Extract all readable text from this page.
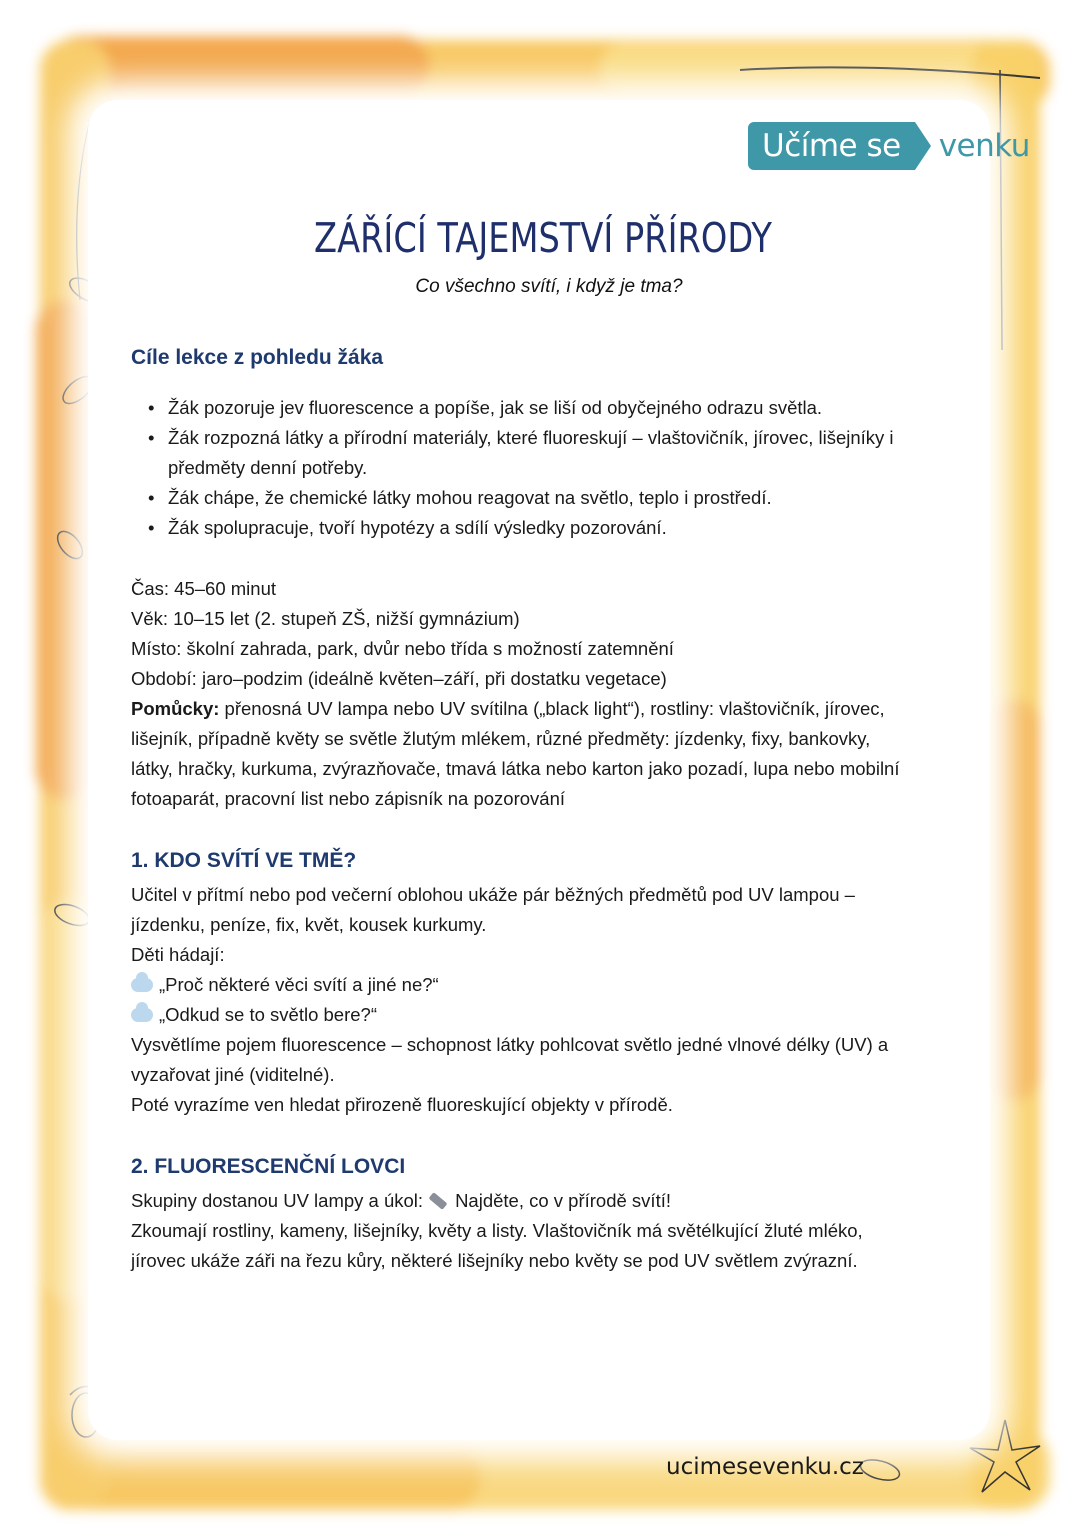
Učíme se	venku
ZÁŘÍCÍ TAJEMSTVÍ PŘÍRODY
Co všechno svítí, i když je tma?
Cíle lekce z pohledu žáka
• Žák pozoruje jev fluorescence a popíše, jak se liší od obyčejného odrazu světla.
• Žák rozpozná látky a přírodní materiály, které fluoreskují – vlaštovičník, jírovec, lišejníky i
předměty denní potřeby.
• Žák chápe, že chemické látky mohou reagovat na světlo, teplo i prostředí.
• Žák spolupracuje, tvoří hypotézy a sdílí výsledky pozorování.
Čas: 45–60 minut
Věk: 10–15 let (2. stupeň ZŠ, nižší gymnázium)
Místo: školní zahrada, park, dvůr nebo třída s možností zatemnění
Období: jaro–podzim (ideálně květen–září, při dostatku vegetace)
Pomůcky: přenosná UV lampa nebo UV svítilna („black light“), rostliny: vlaštovičník, jírovec,
lišejník, případně květy se světle žlutým mlékem, různé předměty: jízdenky, fixy, bankovky,
látky, hračky, kurkuma, zvýrazňovače, tmavá látka nebo karton jako pozadí, lupa nebo mobilní
fotoaparát, pracovní list nebo zápisník na pozorování
1. KDO SVÍTÍ VE TMĚ?
Učitel v přítmí nebo pod večerní oblohou ukáže pár běžných předmětů pod UV lampou –
jízdenku, peníze, fix, květ, kousek kurkumy.
Děti hádají:
„Proč některé věci svítí a jiné ne?“
„Odkud se to světlo bere?“
Vysvětlíme pojem fluorescence – schopnost látky pohlcovat světlo jedné vlnové délky (UV) a
vyzařovat jiné (viditelné).
Poté vyrazíme ven hledat přirozeně fluoreskující objekty v přírodě.
2. FLUORESCENČNÍ LOVCI
Skupiny dostanou UV lampy a úkol: Najděte, co v přírodě svítí!
Zkoumají rostliny, kameny, lišejníky, květy a listy. Vlaštovičník má světélkující žluté mléko,
jírovec ukáže záři na řezu kůry, některé lišejníky nebo květy se pod UV světlem zvýrazní.
ucimesevenku.cz
